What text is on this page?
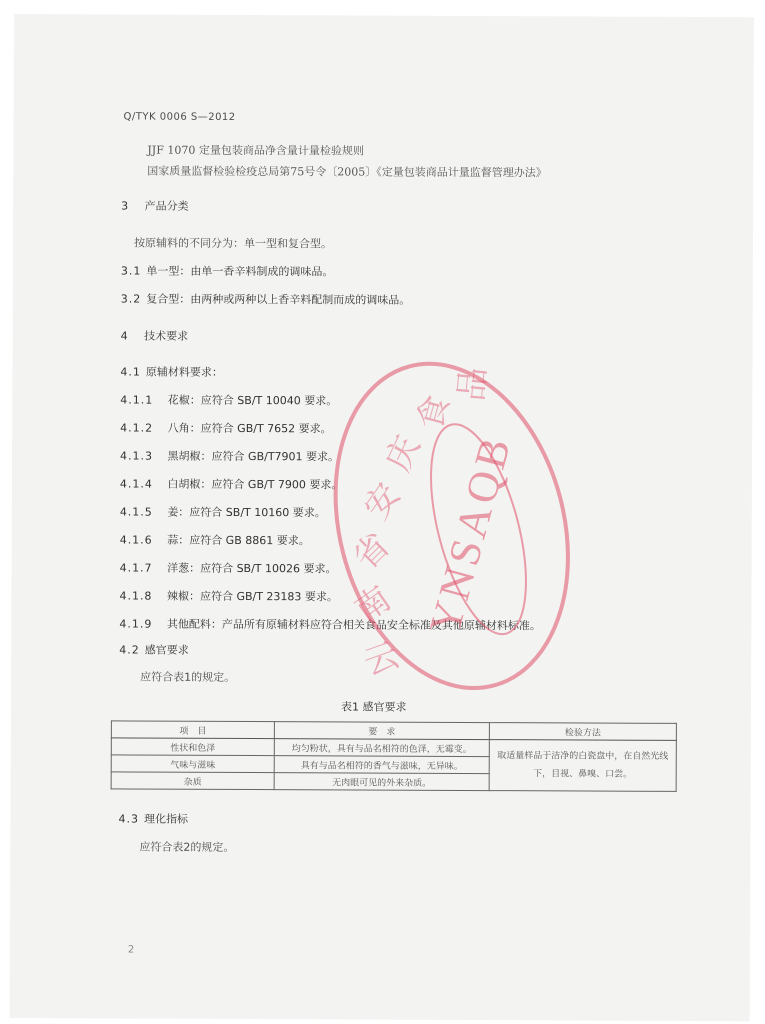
Q/TYK 0006 S—2012
JJF 1070 定量包装商品净含量计量检验规则
国家质量监督检验检疫总局第75号令〔2005〕《定量包装商品计量监督管理办法》
3 产品分类
按原辅料的不同分为：单一型和复合型。
3.1 单一型：由单一香辛料制成的调味品。
3.2 复合型：由两种或两种以上香辛料配制而成的调味品。
4 技术要求
4.1 原辅材料要求：
4.1.1 花椒：应符合 SB/T 10040 要求。
4.1.2 八角：应符合 GB/T 7652 要求。
4.1.3 黑胡椒：应符合 GB/T7901 要求。
4.1.4 白胡椒：应符合 GB/T 7900 要求。
4.1.5 姜：应符合 SB/T 10160 要求。
4.1.6 蒜：应符合 GB 8861 要求。
4.1.7 洋葱：应符合 SB/T 10026 要求。
4.1.8 辣椒：应符合 GB/T 23183 要求。
4.1.9 其他配料：产品所有原辅材料应符合相关食品安全标准及其他原辅材料标准。
4.2 感官要求
应符合表1的规定。
表1 感官要求
项　目	要　求	检验方法
性状和色泽	均匀粉状，具有与品名相符的色泽，无霉变。	取适量样品于洁净的白瓷盘中，在自然光线下，目视、鼻嗅、口尝。
气味与滋味	具有与品名相符的香气与滋味，无异味。	
杂质	无肉眼可见的外来杂质。	
4.3 理化指标
应符合表2的规定。
2
YNSAQB
云
南
省
安
庆
食
品
